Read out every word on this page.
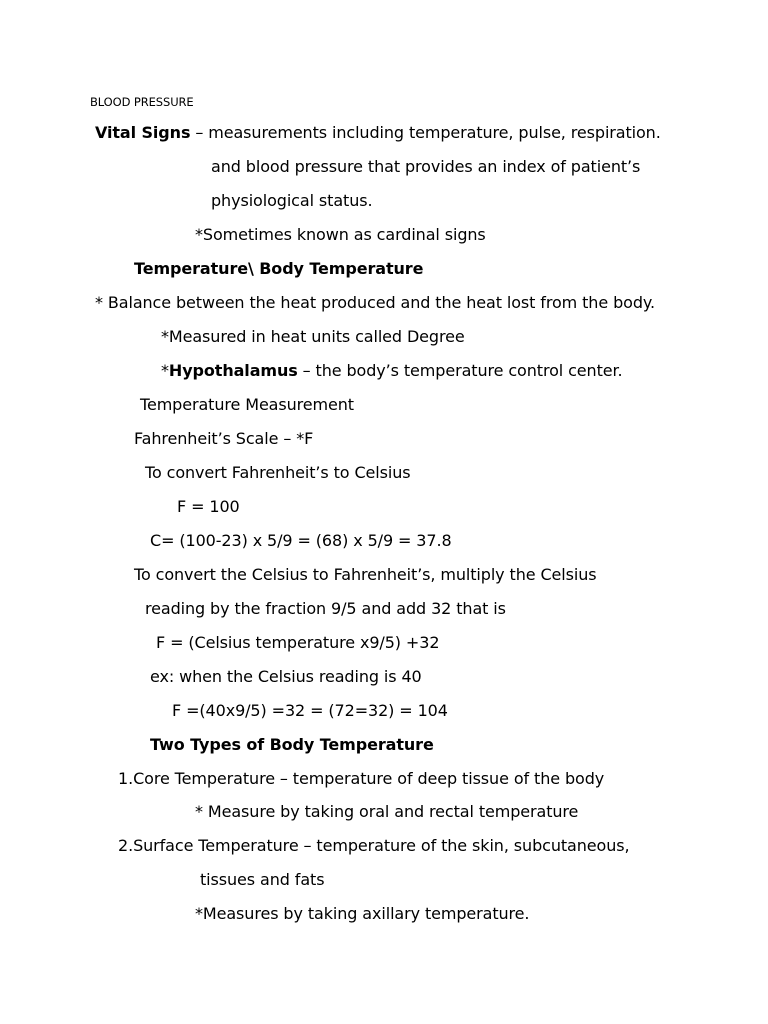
BLOOD PRESSURE
Vital Signs – measurements including temperature, pulse, respiration.
and blood pressure that provides an index of patient’s
physiological status.
*Sometimes known as cardinal signs
Temperature\ Body Temperature
* Balance between the heat produced and the heat lost from the body.
*Measured in heat units called Degree
*Hypothalamus – the body’s temperature control center.
Temperature Measurement
Fahrenheit’s Scale – *F
To convert Fahrenheit’s to Celsius
F = 100
C= (100-23) x 5/9 = (68) x 5/9 = 37.8
To convert the Celsius to Fahrenheit’s, multiply the Celsius
reading by the fraction 9/5 and add 32 that is
F = (Celsius temperature x9/5) +32
ex: when the Celsius reading is 40
F =(40x9/5) =32 = (72=32) = 104
Two Types of Body Temperature
1.Core Temperature – temperature of deep tissue of the body
* Measure by taking oral and rectal temperature
2.Surface Temperature – temperature of the skin, subcutaneous,
tissues and fats
*Measures by taking axillary temperature.
